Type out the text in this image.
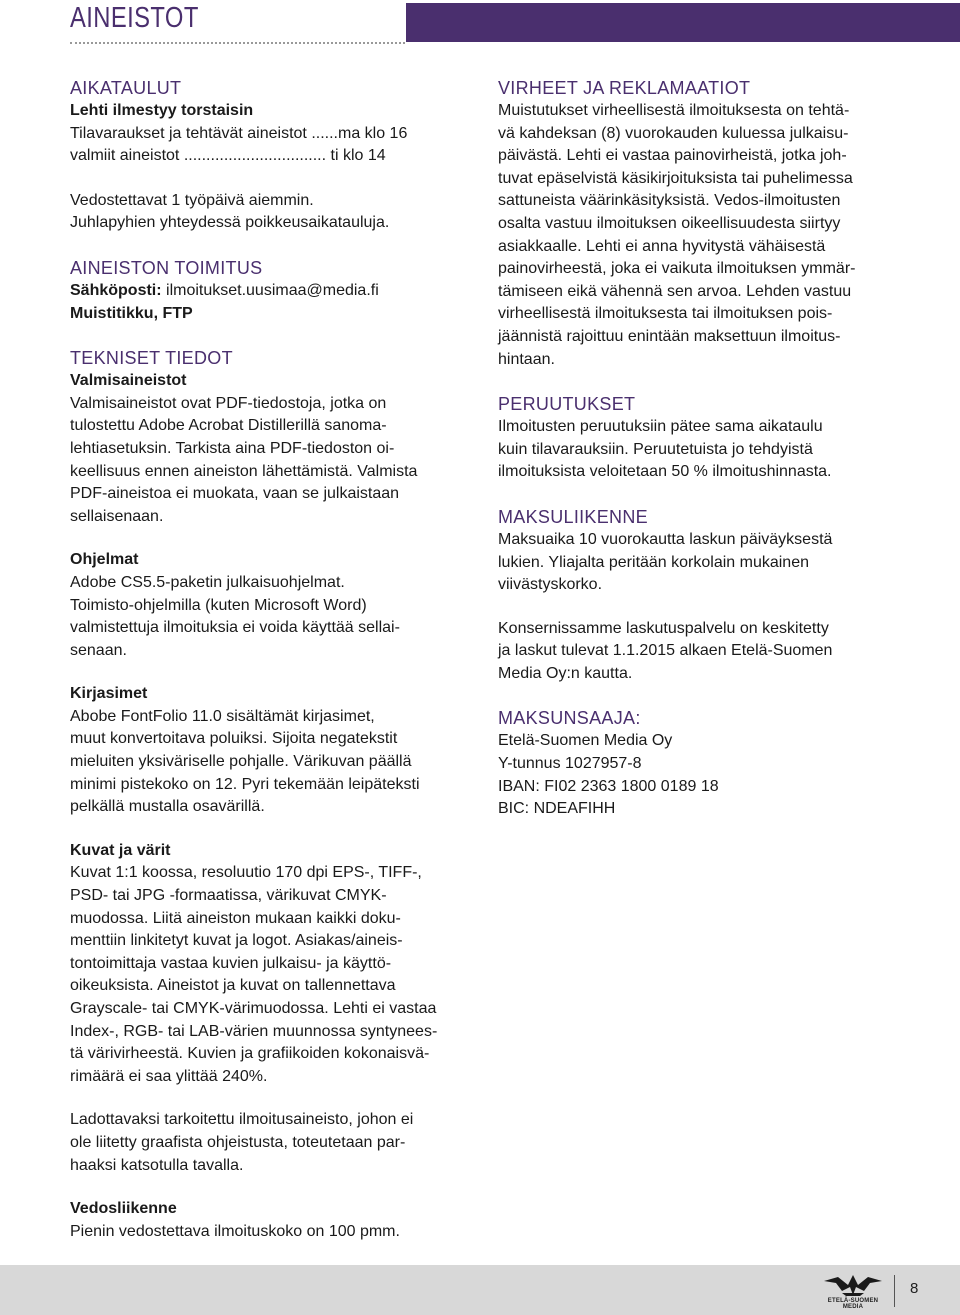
AINEISTOT
AIKATAULUT
Lehti ilmestyy torstaisin
Tilavaraukset ja tehtävät aineistot ......ma klo 16
valmiit aineistot ................................ ti klo 14
Vedostettavat 1 työpäivä aiemmin.
Juhlapyhien yhteydessä poikkeusaikatauluja.
AINEISTON TOIMITUS
Sähköposti: ilmoitukset.uusimaa@media.fi
Muistitikku, FTP
TEKNISET TIEDOT
Valmisaineistot
Valmisaineistot ovat PDF-tiedostoja, jotka on
tulostettu Adobe Acrobat Distillerillä sanoma-
lehtiasetuksin. Tarkista aina PDF-tiedoston oi-
keellisuus ennen aineiston lähettämistä. Valmista
PDF-aineistoa ei muokata, vaan se julkaistaan
sellaisenaan.
Ohjelmat
Adobe CS5.5-paketin julkaisuohjelmat.
Toimisto-ohjelmilla (kuten Microsoft Word)
valmistettuja ilmoituksia ei voida käyttää sellai-
senaan.
Kirjasimet
Abobe FontFolio 11.0 sisältämät kirjasimet,
muut konvertoitava poluiksi. Sijoita negatekstit
mieluiten yksiväriselle pohjalle. Värikuvan päällä
minimi pistekoko on 12. Pyri tekemään leipäteksti
pelkällä mustalla osavärillä.
Kuvat ja värit
Kuvat 1:1 koossa, resoluutio 170 dpi EPS-, TIFF-,
PSD- tai JPG -formaatissa, värikuvat CMYK-
muodossa. Liitä aineiston mukaan kaikki doku-
menttiin linkitetyt kuvat ja logot. Asiakas/aineis-
tontoimittaja vastaa kuvien julkaisu- ja käyttö-
oikeuksista. Aineistot ja kuvat on tallennettava
Grayscale- tai CMYK-värimuodossa. Lehti ei vastaa
Index-, RGB- tai LAB-värien muunnossa syntynees-
tä värivirheestä. Kuvien ja grafiikoiden kokonaisvä-
rimäärä ei saa ylittää 240%.
Ladottavaksi tarkoitettu ilmoitusaineisto, johon ei
ole liitetty graafista ohjeistusta, toteutetaan par-
haaksi katsotulla tavalla.
Vedosliikenne
Pienin vedostettava ilmoituskoko on 100 pmm.
VIRHEET JA REKLAMAATIOT
Muistutukset virheellisestä ilmoituksesta on tehtä-
vä kahdeksan (8) vuorokauden kuluessa julkaisu-
päivästä. Lehti ei vastaa painovirheistä, jotka joh-
tuvat epäselvistä käsikirjoituksista tai puhelimessa
sattuneista väärinkäsityksistä. Vedos-ilmoitusten
osalta vastuu ilmoituksen oikeellisuudesta siirtyy
asiakkaalle. Lehti ei anna hyvitystä vähäisestä
painovirheestä, joka ei vaikuta ilmoituksen ymmär-
tämiseen eikä vähennä sen arvoa. Lehden vastuu
virheellisestä ilmoituksesta tai ilmoituksen pois-
jäännistä rajoittuu enintään maksettuun ilmoitus-
hintaan.
PERUUTUKSET
Ilmoitusten peruutuksiin pätee sama aikataulu
kuin tilavarauksiin. Peruutetuista jo tehdyistä
ilmoituksista veloitetaan 50 % ilmoitushinnasta.
MAKSULIIKENNE
Maksuaika 10 vuorokautta laskun päiväyksestä
lukien. Yliajalta peritään korkolain mukainen
viivästyskorko.
Konsernissamme laskutuspalvelu on keskitetty
ja laskut tulevat 1.1.2015 alkaen Etelä-Suomen
Media Oy:n kautta.
MAKSUNSAAJA:
Etelä-Suomen Media Oy
Y-tunnus 1027957-8
IBAN: FI02 2363 1800 0189 18
BIC: NDEAFIHH
ETELÄ-SUOMEN MEDIA
8
